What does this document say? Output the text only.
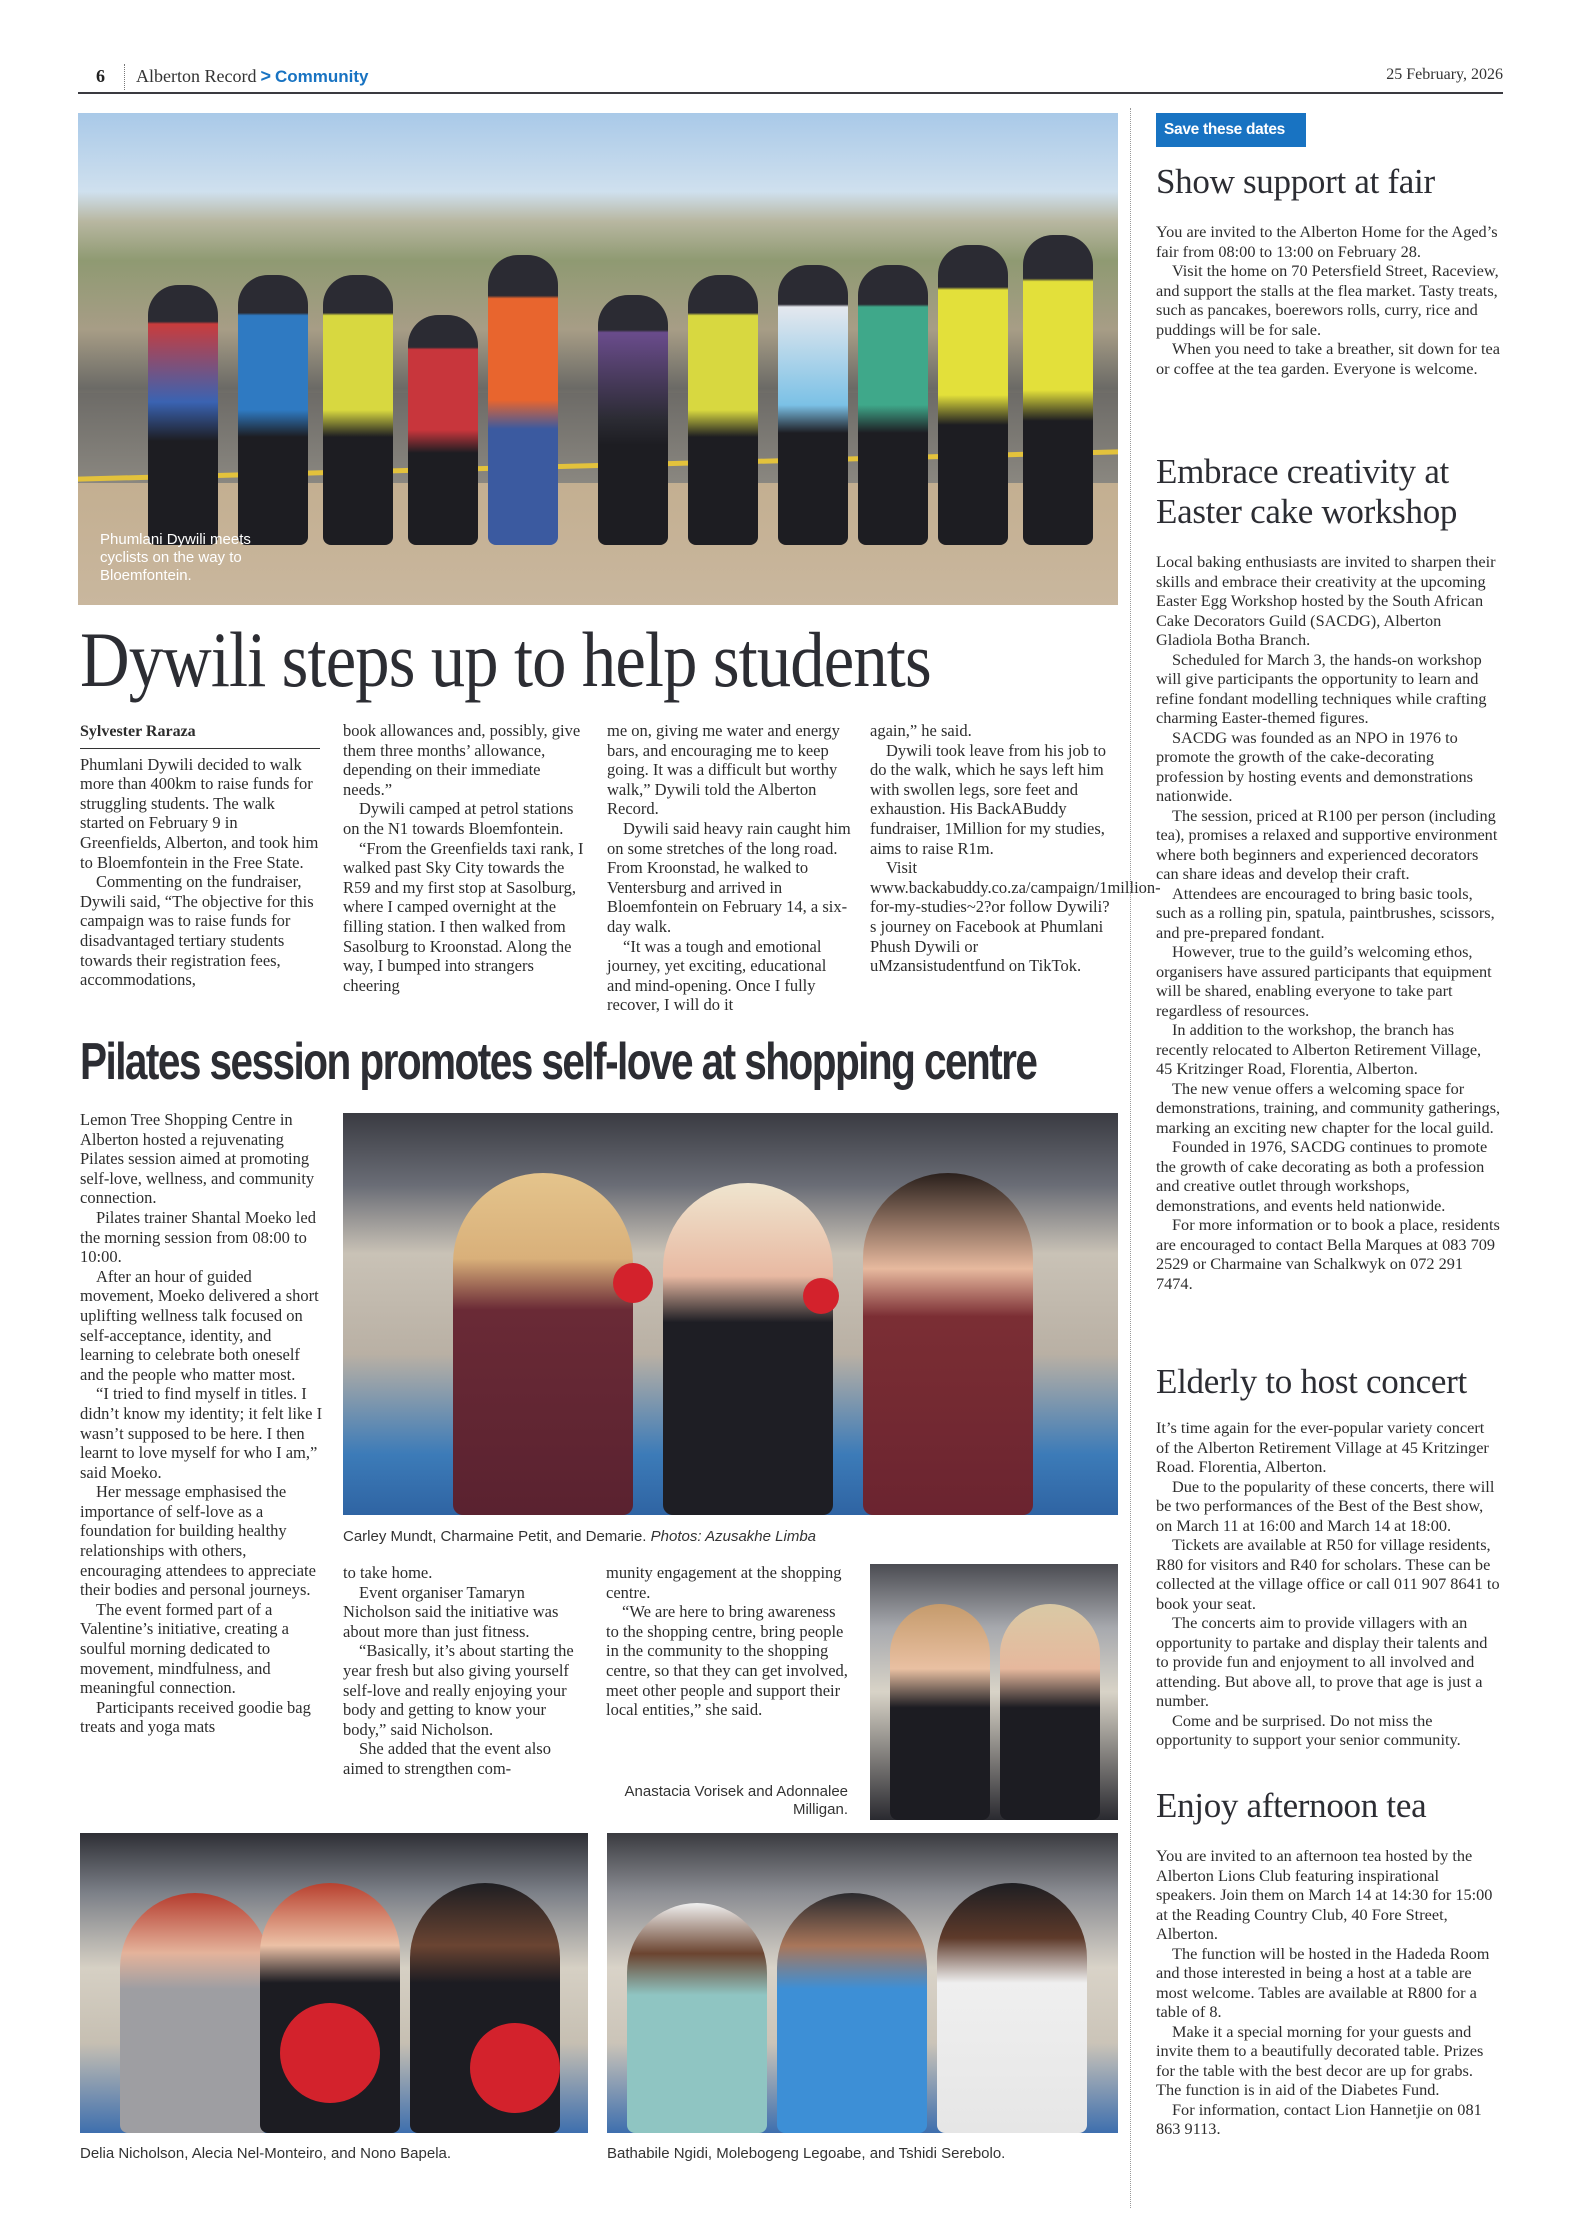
6 Alberton Record > Community	25 February, 2026
Phumlani Dywili meets cyclists on the way to Bloemfontein.
Dywili steps up to help students
Sylvester Raraza

Phumlani Dywili decided to walk more than 400km to raise funds for struggling students. The walk started on February 9 in Greenfields, Alberton, and took him to Bloemfontein in the Free State.

Commenting on the fundraiser, Dywili said, “The objective for this campaign was to raise funds for disadvantaged tertiary students towards their registration fees, accommodations,

book allowances and, possibly, give them three months’ allowance, depending on their immediate needs.”

Dywili camped at petrol stations on the N1 towards Bloemfontein.

“From the Greenfields taxi rank, I walked past Sky City towards the R59 and my first stop at Sasolburg, where I camped overnight at the filling station. I then walked from Sasolburg to Kroonstad. Along the way, I bumped into strangers cheering

me on, giving me water and energy bars, and encouraging me to keep going. It was a difficult but worthy walk,” Dywili told the Alberton Record.

Dywili said heavy rain caught him on some stretches of the long road. From Kroonstad, he walked to Ventersburg and arrived in Bloemfontein on February 14, a six-day walk.

“It was a tough and emotional journey, yet exciting, educational and mind-opening. Once I fully recover, I will do it

again,” he said.

Dywili took leave from his job to do the walk, which he says left him with swollen legs, sore feet and exhaustion. His BackABuddy fundraiser, 1Million for my studies, aims to raise R1m.

Visit www.backabuddy.co.za/campaign/1million-for-my-studies~2?or follow Dywili?s journey on Facebook at Phumlani Phush Dywili or uMzansistudentfund on TikTok.

Pilates session promotes self-love at shopping centre

Lemon Tree Shopping Centre in Alberton hosted a rejuvenating Pilates session aimed at promoting self-love, wellness, and community connection.

Pilates trainer Shantal Moeko led the morning session from 08:00 to 10:00.

After an hour of guided movement, Moeko delivered a short uplifting wellness talk focused on self-acceptance, identity, and learning to celebrate both oneself and the people who matter most.

“I tried to find myself in titles. I didn’t know my identity; it felt like I wasn’t supposed to be here. I then learnt to love myself for who I am,” said Moeko.

Her message emphasised the importance of self-love as a foundation for building healthy relationships with others, encouraging attendees to appreciate their bodies and personal journeys.

The event formed part of a Valentine’s initiative, creating a soulful morning dedicated to movement, mindfulness, and meaningful connection.

Participants received goodie bag treats and yoga mats

Carley Mundt, Charmaine Petit, and Demarie. Photos: Azusakhe Limba

to take home.

Event organiser Tamaryn Nicholson said the initiative was about more than just fitness.

“Basically, it’s about starting the year fresh but also giving yourself self-love and really enjoying your body and getting to know your body,” said Nicholson.

She added that the event also aimed to strengthen com-

munity engagement at the shopping centre.

“We are here to bring awareness to the shopping centre, bring people in the community to the shopping centre, so that they can get involved, meet other people and support their local entities,” she said.

Anastacia Vorisek and Adonnalee Milligan.
Delia Nicholson, Alecia Nel-Monteiro, and Nono Bapela.	Bathabile Ngidi, Molebogeng Legoabe, and Tshidi Serebolo.
Save these dates
Show support at fair

You are invited to the Alberton Home for the Aged’s fair from 08:00 to 13:00 on February 28.

Visit the home on 70 Petersfield Street, Raceview, and support the stalls at the flea market. Tasty treats, such as pancakes, boerewors rolls, curry, rice and puddings will be for sale.

When you need to take a breather, sit down for tea or coffee at the tea garden. Everyone is welcome.

Embrace creativity at Easter cake workshop

Local baking enthusiasts are invited to sharpen their skills and embrace their creativity at the upcoming Easter Egg Workshop hosted by the South African Cake Decorators Guild (SACDG), Alberton Gladiola Botha Branch.

Scheduled for March 3, the hands-on workshop will give participants the opportunity to learn and refine fondant modelling techniques while crafting charming Easter-themed figures.

SACDG was founded as an NPO in 1976 to promote the growth of the cake-decorating profession by hosting events and demonstrations nationwide.

The session, priced at R100 per person (including tea), promises a relaxed and supportive environment where both beginners and experienced decorators can share ideas and develop their craft.

Attendees are encouraged to bring basic tools, such as a rolling pin, spatula, paintbrushes, scissors, and pre-prepared fondant.

However, true to the guild’s welcoming ethos, organisers have assured participants that equipment will be shared, enabling everyone to take part regardless of resources.

In addition to the workshop, the branch has recently relocated to Alberton Retirement Village, 45 Kritzinger Road, Florentia, Alberton.

The new venue offers a welcoming space for demonstrations, training, and community gatherings, marking an exciting new chapter for the local guild.

Founded in 1976, SACDG continues to promote the growth of cake decorating as both a profession and creative outlet through workshops, demonstrations, and events held nationwide.

For more information or to book a place, residents are encouraged to contact Bella Marques at 083 709 2529 or Charmaine van Schalkwyk on 072 291 7474.

Elderly to host concert

It’s time again for the ever-popular variety concert of the Alberton Retirement Village at 45 Kritzinger Road. Florentia, Alberton.

Due to the popularity of these concerts, there will be two performances of the Best of the Best show, on March 11 at 16:00 and March 14 at 18:00.

Tickets are available at R50 for village residents, R80 for visitors and R40 for scholars. These can be collected at the village office or call 011 907 8641 to book your seat.

The concerts aim to provide villagers with an opportunity to partake and display their talents and to provide fun and enjoyment to all involved and attending. But above all, to prove that age is just a number.

Come and be surprised. Do not miss the opportunity to support your senior community.

Enjoy afternoon tea

You are invited to an afternoon tea hosted by the Alberton Lions Club featuring inspirational speakers. Join them on March 14 at 14:30 for 15:00 at the Reading Country Club, 40 Fore Street, Alberton.

The function will be hosted in the Hadeda Room and those interested in being a host at a table are most welcome. Tables are available at R800 for a table of 8.

Make it a special morning for your guests and invite them to a beautifully decorated table. Prizes for the table with the best decor are up for grabs. The function is in aid of the Diabetes Fund.

For information, contact Lion Hannetjie on 081 863 9113.
